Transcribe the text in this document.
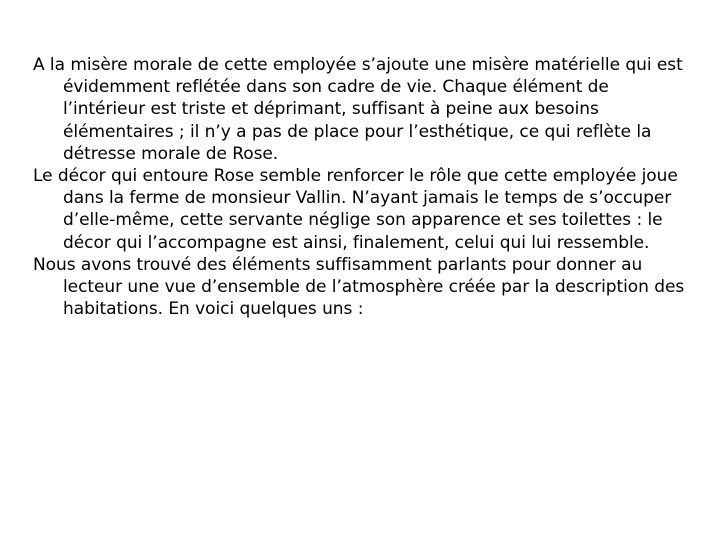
A la misère morale de cette employée s’ajoute une misère matérielle qui est évidemment reflétée dans son cadre de vie. Chaque élément de l’intérieur est triste et déprimant, suffisant à peine aux besoins élémentaires ; il n’y a pas de place pour l’esthétique, ce qui reflète la détresse morale de Rose.

Le décor qui entoure Rose semble renforcer le rôle que cette employée joue dans la ferme de monsieur Vallin. N’ayant jamais le temps de s’occuper d’elle-même, cette servante néglige son apparence et ses toilettes : le décor qui l’accompagne est ainsi, finalement, celui qui lui ressemble.

Nous avons trouvé des éléments suffisamment parlants pour donner au lecteur une vue d’ensemble de l’atmosphère créée par la description des habitations. En voici quelques uns :
